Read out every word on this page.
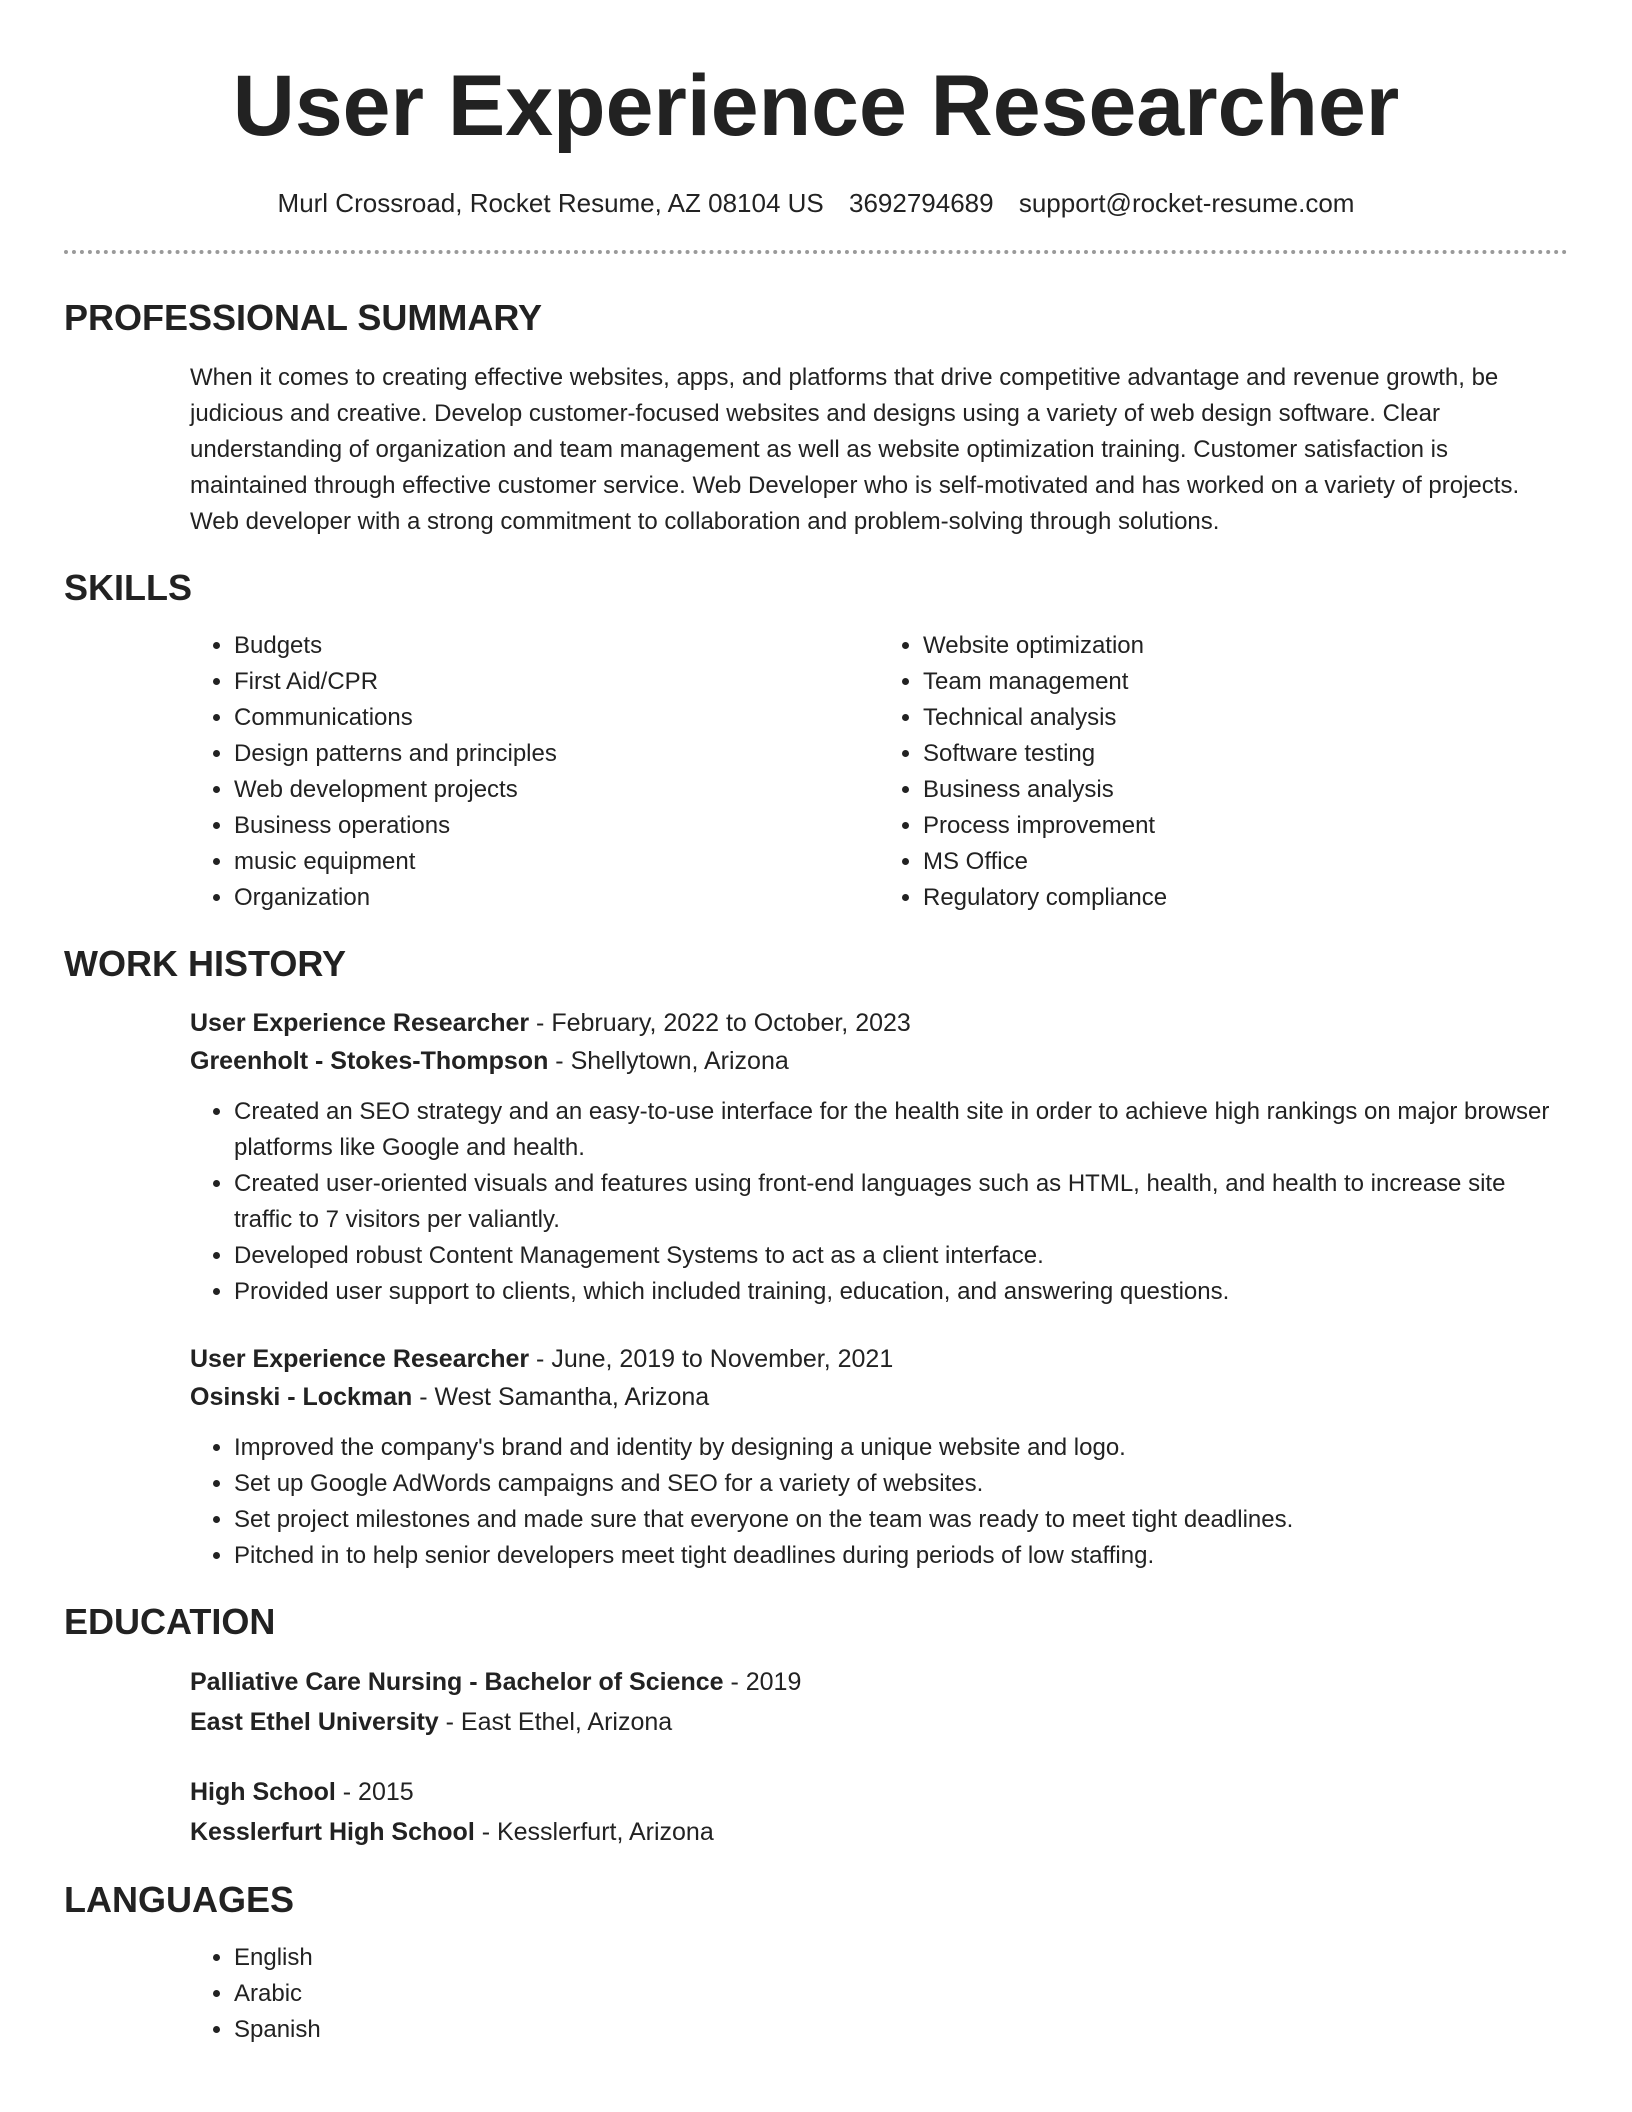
User Experience Researcher
Murl Crossroad, Rocket Resume, AZ 08104 US 3692794689 support@rocket-resume.com
PROFESSIONAL SUMMARY

When it comes to creating effective websites, apps, and platforms that drive competitive advantage and revenue growth, be judicious and creative. Develop customer-focused websites and designs using a variety of web design software. Clear understanding of organization and team management as well as website optimization training. Customer satisfaction is maintained through effective customer service. Web Developer who is self-motivated and has worked on a variety of projects. Web developer with a strong commitment to collaboration and problem-solving through solutions.

SKILLS
• Budgets
• First Aid/CPR
• Communications
• Design patterns and principles
• Web development projects
• Business operations
• music equipment
• Organization
• Website optimization
• Team management
• Technical analysis
• Software testing
• Business analysis
• Process improvement
• MS Office
• Regulatory compliance
WORK HISTORY
User Experience Researcher - February, 2022 to October, 2023
Greenholt - Stokes-Thompson - Shellytown, Arizona
• Created an SEO strategy and an easy-to-use interface for the health site in order to achieve high rankings on major browser platforms like Google and health.
• Created user-oriented visuals and features using front-end languages such as HTML, health, and health to increase site traffic to 7 visitors per valiantly.
• Developed robust Content Management Systems to act as a client interface.
• Provided user support to clients, which included training, education, and answering questions.
User Experience Researcher - June, 2019 to November, 2021
Osinski - Lockman - West Samantha, Arizona
• Improved the company's brand and identity by designing a unique website and logo.
• Set up Google AdWords campaigns and SEO for a variety of websites.
• Set project milestones and made sure that everyone on the team was ready to meet tight deadlines.
• Pitched in to help senior developers meet tight deadlines during periods of low staffing.
EDUCATION
Palliative Care Nursing - Bachelor of Science - 2019
East Ethel University - East Ethel, Arizona
High School - 2015
Kesslerfurt High School - Kesslerfurt, Arizona
LANGUAGES
• English
• Arabic
• Spanish
